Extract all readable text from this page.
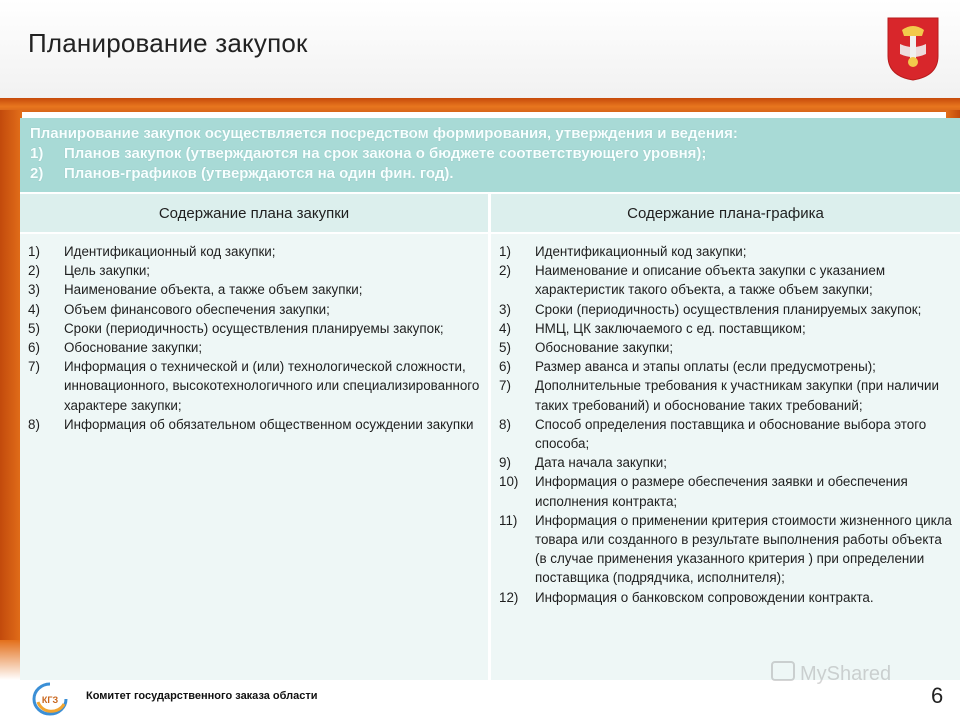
Планирование закупок
Планирование закупок осуществляется посредством формирования, утверждения и ведения:
1)	Планов закупок (утверждаются на срок закона о бюджете соответствующего уровня);
2)	Планов-графиков (утверждаются на один фин. год).
Содержание плана закупки	Содержание плана-графика
1)	Идентификационный код закупки;
2)	Цель закупки;
3)	Наименование объекта, а также объем закупки;
4)	Объем финансового обеспечения закупки;
5)	Сроки (периодичность) осуществления планируемы закупок;
6)	Обоснование закупки;
7)	Информация о технической и (или) технологической сложности, инновационного, высокотехнологичного или специализированного характере закупки;
8)	Информация об обязательном общественном осуждении закупки
1)	Идентификационный код закупки;
2)	Наименование и описание объекта закупки с указанием характеристик такого объекта, а также объем закупки;
3)	Сроки (периодичность) осуществления планируемых закупок;
4)	НМЦ, ЦК заключаемого с ед. поставщиком;
5)	Обоснование закупки;
6)	Размер аванса и этапы оплаты (если предусмотрены);
7)	Дополнительные требования к участникам закупки (при наличии таких требований) и обоснование таких требований;
8)	Способ определения поставщика и обоснование выбора этого способа;
9)	Дата начала закупки;
10)	Информация о размере обеспечения заявки и обеспечения исполнения контракта;
11)	Информация о применении критерия стоимости жизненного цикла товара или созданного в результате выполнения работы объекта (в случае применения указанного критерия ) при определении поставщика (подрядчика, исполнителя);
12)	Информация о банковском сопровождении контракта.
КГЗ	Комитет государственного заказа области	6
MyShared
